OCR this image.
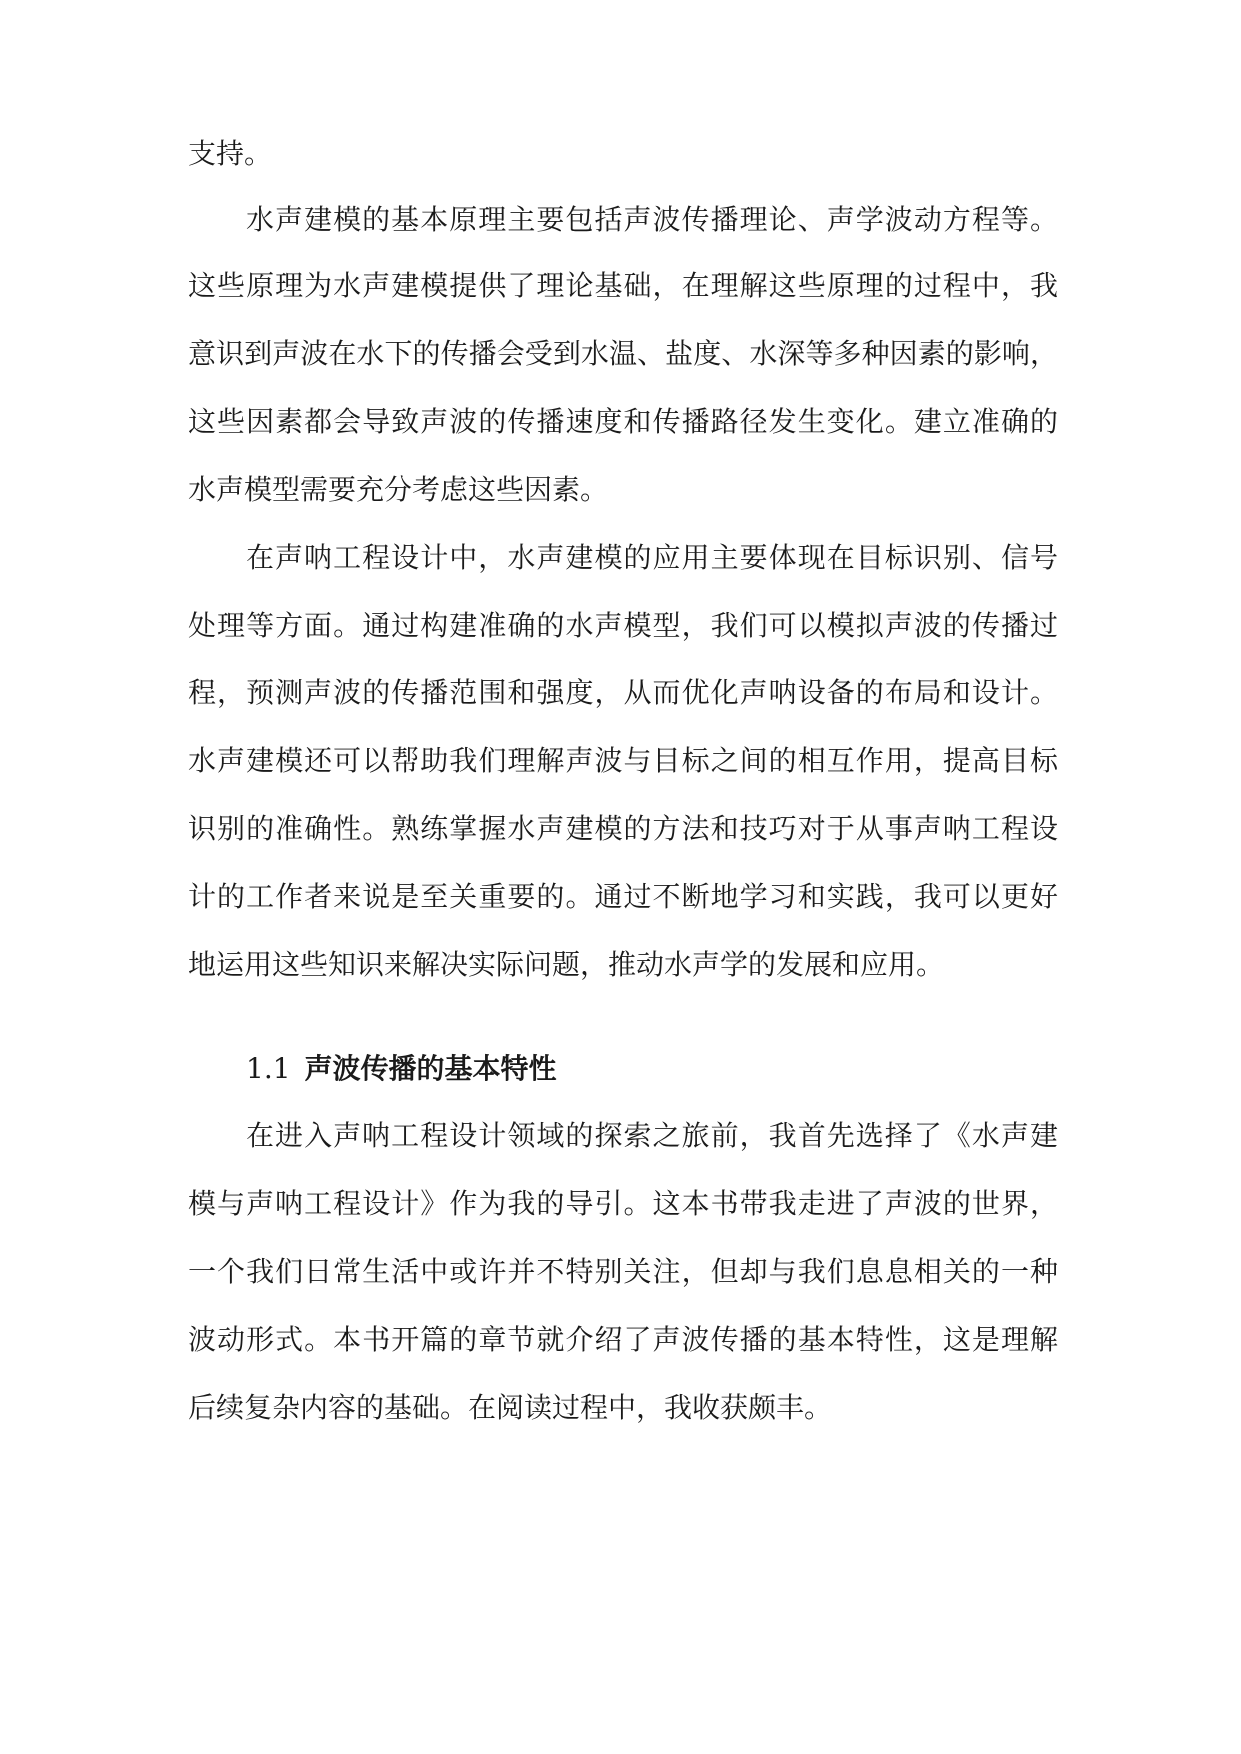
支持。
水声建模的基本原理主要包括声波传播理论、声学波动方程等。
这些原理为水声建模提供了理论基础，在理解这些原理的过程中，我
意识到声波在水下的传播会受到水温、盐度、水深等多种因素的影响，
这些因素都会导致声波的传播速度和传播路径发生变化。建立准确的
水声模型需要充分考虑这些因素。
在声呐工程设计中，水声建模的应用主要体现在目标识别、信号
处理等方面。通过构建准确的水声模型，我们可以模拟声波的传播过
程，预测声波的传播范围和强度，从而优化声呐设备的布局和设计。
水声建模还可以帮助我们理解声波与目标之间的相互作用，提高目标
识别的准确性。熟练掌握水声建模的方法和技巧对于从事声呐工程设
计的工作者来说是至关重要的。通过不断地学习和实践，我可以更好
地运用这些知识来解决实际问题，推动水声学的发展和应用。
1.1 声波传播的基本特性
在进入声呐工程设计领域的探索之旅前，我首先选择了《水声建
模与声呐工程设计》作为我的导引。这本书带我走进了声波的世界，
一个我们日常生活中或许并不特别关注，但却与我们息息相关的一种
波动形式。本书开篇的章节就介绍了声波传播的基本特性，这是理解
后续复杂内容的基础。在阅读过程中，我收获颇丰。
